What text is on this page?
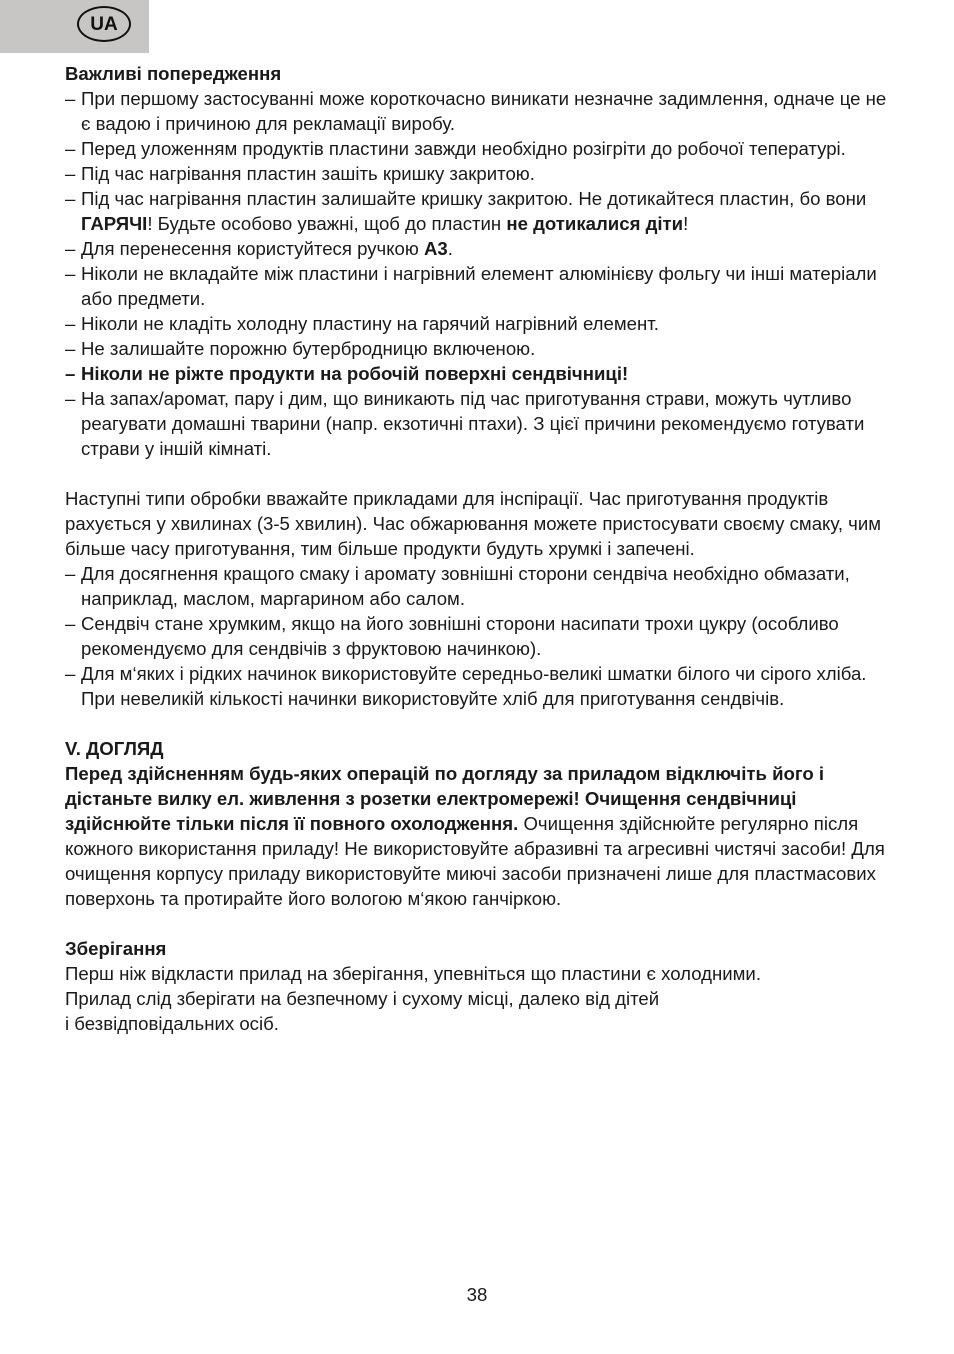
UA
Важливі попередження
– При першому застосуванні може короткочасно виникати незначне задимлення, одначе це не є вадою і причиною для рекламації виробу.
– Перед уложенням продуктів пластини завжди необхідно розігріти до робочої тепературi.
– Під час нагрівання пластин зашіть кришку закритою.
– Під час нагрівання пластин залишайте кришку закритою. Не дотикайтеся пластин, бо вони ГАРЯЧІ! Будьте особово уважні, щоб до пластин не дотикалися діти!
– Для перенесення користуйтеся ручкою A3.
– Ніколи не вкладайте між пластини і нагрівний елемент алюмінієву фольгу чи інші матеріали або предмети.
– Ніколи не кладіть холодну пластину на гарячий нагрівний елемент.
– Не залишайте порожню бутербродницю включеною.
– Ніколи не ріжте продукти на робочій поверхні сендвічниці!
– На запах/аромат, пару і дим, що виникають під час приготування страви, можуть чутливо реагувати домашні тварини (напр. екзотичні птахи). З цієї причини рекомендуємо готувати страви у іншій кімнаті.

Наступні типи обробки вважайте прикладами для інспірації. Час приготування продуктів рахується у хвилинах (3-5 хвилин). Час обжарювання можете пристосувати своєму смаку, чим більше часу приготування, тим більше продукти будуть хрумкі і запечені.

– Для досягнення кращого смаку і аромату зовнішні сторони сендвіча необхідно обмазати, наприклад, маслом, маргарином або салом.
– Сендвіч стане хрумким, якщо на його зовнішні сторони насипати трохи цукру (особливо рекомендуємо для сендвічів з фруктовою начинкою).
– Для м‘яких і рідких начинок використовуйте середньо-великі шматки білого чи сірого хліба. При невеликій кількості начинки використовуйте хліб для приготування сендвічів.
V. ДОГЛЯД

Перед здійсненням будь-яких операцій по догляду за приладом відключіть його і дістаньте вилку ел. живлення з розетки електромережі! Очищення сендвічниці здійснюйте тільки після її повного охолодження. Очищення здійснюйте регулярно після кожного використання приладу! Не використовуйте абразивні та агресивні чистячі засоби! Для очищення корпусу приладу використовуйте миючі засоби призначені лише для пластмасових поверхонь та протирайте його вологою м‘якою ганчіркою.

Зберігання
Перш ніж відкласти прилад на зберігання, упевніться що пластини є холодними.
Прилад слід зберігати на безпечному і сухому місці, далеко від дітей
і безвідповідальних осіб.
38
